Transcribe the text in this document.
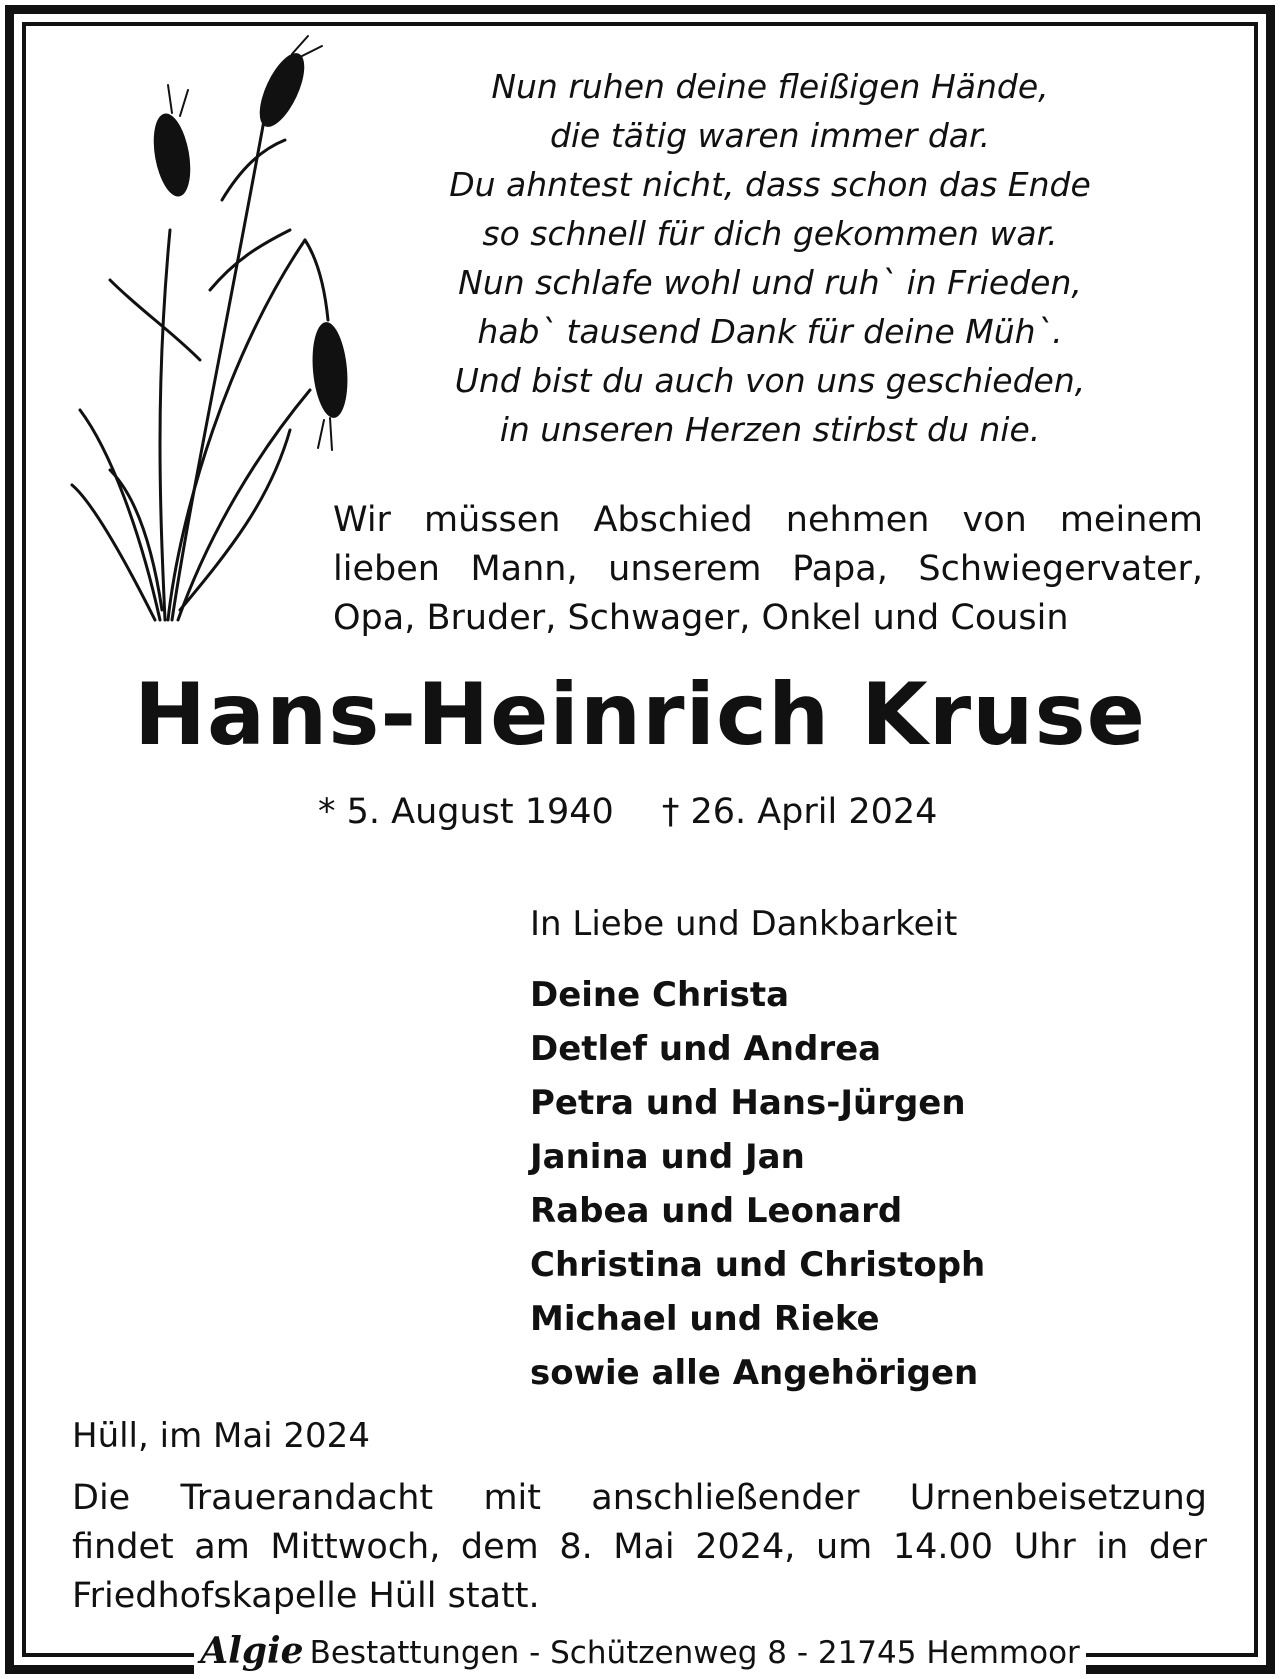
Nun ruhen deine fleißigen Hände,
die tätig waren immer dar.
Du ahntest nicht, dass schon das Ende
so schnell für dich gekommen war.
Nun schlafe wohl und ruh` in Frieden,
hab` tausend Dank für deine Müh`.
Und bist du auch von uns geschieden,
in unseren Herzen stirbst du nie.
Wir müssen Abschied nehmen von meinem
lieben Mann, unserem Papa, Schwiegervater,
Opa, Bruder, Schwager, Onkel und Cousin
Hans-Heinrich Kruse
* 5. August 1940 † 26. April 2024
In Liebe und Dankbarkeit
Deine Christa
Detlef und Andrea
Petra und Hans-Jürgen
Janina und Jan
Rabea und Leonard
Christina und Christoph
Michael und Rieke
sowie alle Angehörigen
Hüll, im Mai 2024
Die Trauerandacht mit anschließender Urnenbeisetzung
findet am Mittwoch, dem 8. Mai 2024, um 14.00 Uhr in der
Friedhofskapelle Hüll statt.
Algie Bestattungen - Schützenweg 8 - 21745 Hemmoor
